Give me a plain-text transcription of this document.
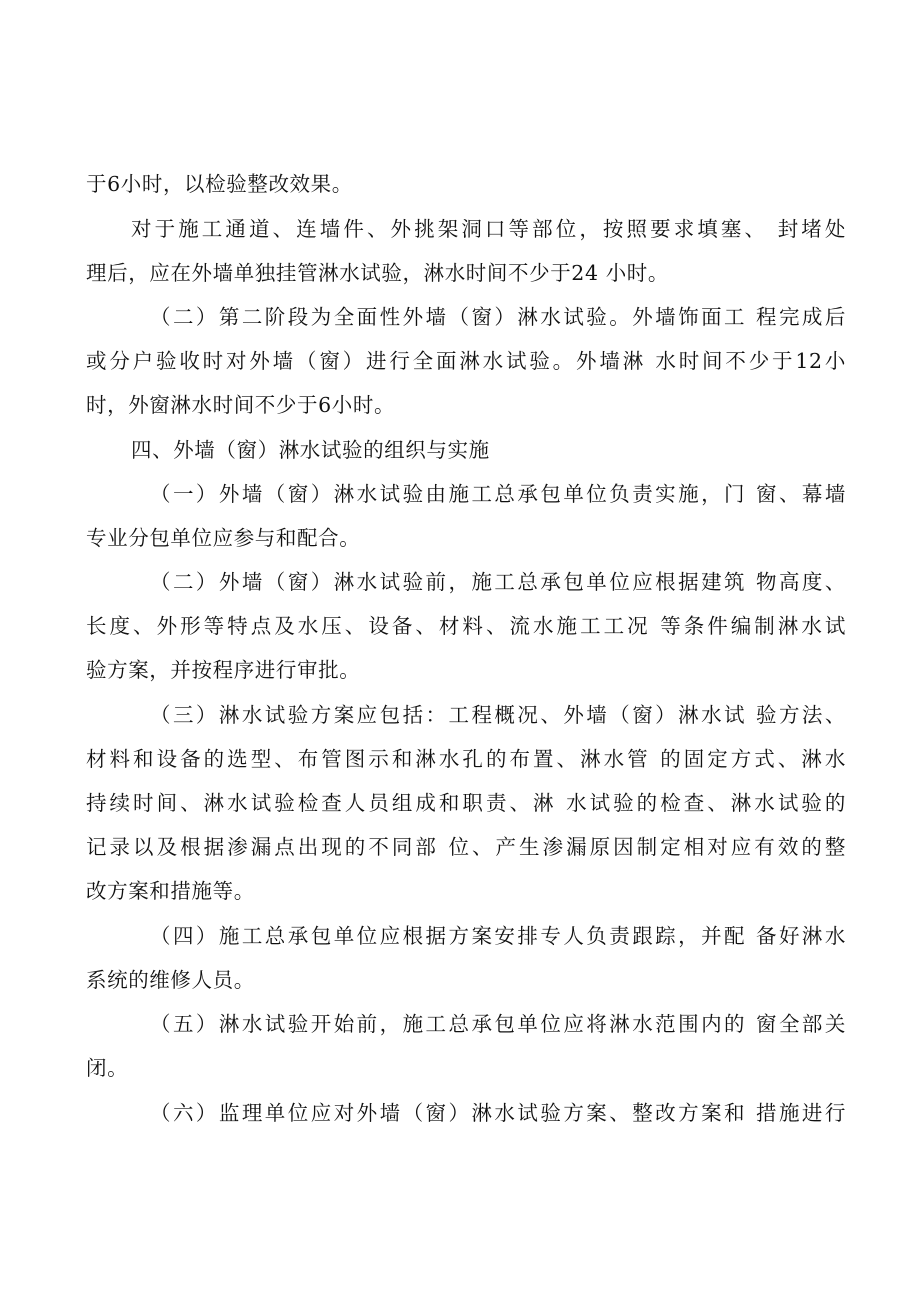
于6小时，以检验整改效果。
对于施工通道、连墙件、外挑架洞口等部位，按照要求填塞、 封堵处
理后，应在外墙单独挂管淋水试验，淋水时间不少于24 小时。
（二）第二阶段为全面性外墙（窗）淋水试验。外墙饰面工 程完成后
或分户验收时对外墙（窗）进行全面淋水试验。外墙淋 水时间不少于12小
时，外窗淋水时间不少于6小时。
四、外墙（窗）淋水试验的组织与实施
（一）外墙（窗）淋水试验由施工总承包单位负责实施，门 窗、幕墙
专业分包单位应参与和配合。
（二）外墙（窗）淋水试验前，施工总承包单位应根据建筑 物高度、
长度、外形等特点及水压、设备、材料、流水施工工况 等条件编制淋水试
验方案，并按程序进行审批。
（三）淋水试验方案应包括：工程概况、外墙（窗）淋水试 验方法、
材料和设备的选型、布管图示和淋水孔的布置、淋水管 的固定方式、淋水
持续时间、淋水试验检查人员组成和职责、淋 水试验的检查、淋水试验的
记录以及根据渗漏点出现的不同部 位、产生渗漏原因制定相对应有效的整
改方案和措施等。
（四）施工总承包单位应根据方案安排专人负责跟踪，并配 备好淋水
系统的维修人员。
（五）淋水试验开始前，施工总承包单位应将淋水范围内的 窗全部关
闭。
（六）监理单位应对外墙（窗）淋水试验方案、整改方案和 措施进行
